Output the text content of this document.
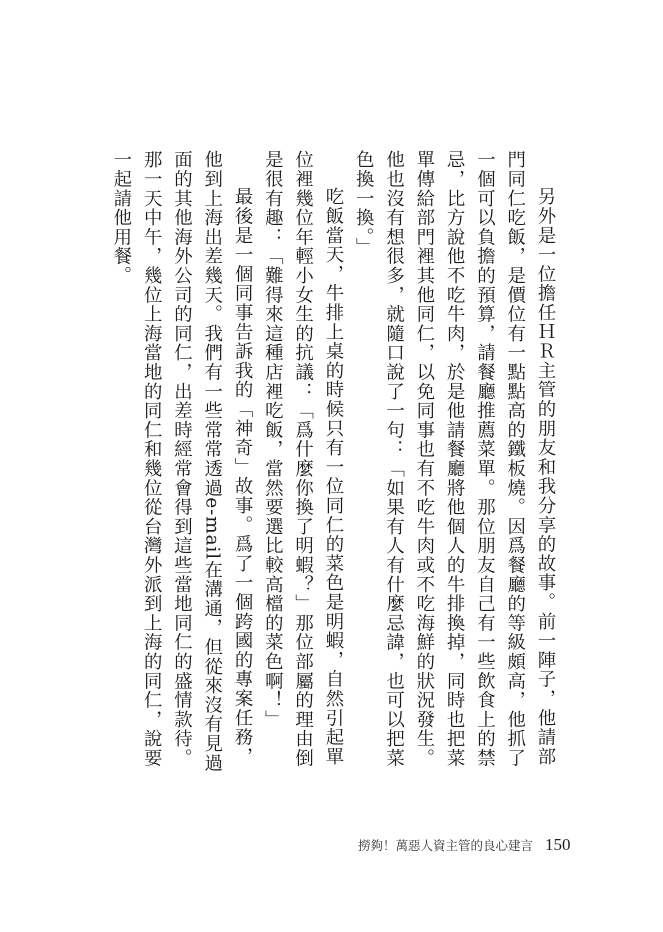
另外是一位擔任ＨＲ主管的朋友和我分享的故事。前一陣子，他請部門同仁吃飯，是價位有一點點高的鐵板燒。因爲餐廳的等級頗高，他抓了一個可以負擔的預算，請餐廳推薦菜單。那位朋友自己有一些飲食上的禁忌，比方說他不吃牛肉，於是他請餐廳將他個人的牛排換掉，同時也把菜單傳給部門裡其他同仁，以免同事也有不吃牛肉或不吃海鮮的狀況發生。他也沒有想很多，就隨口說了一句：「如果有人有什麼忌諱，也可以把菜色換一換。」

吃飯當天，牛排上桌的時候只有一位同仁的菜色是明蝦，自然引起單位裡幾位年輕小女生的抗議：「爲什麼你換了明蝦？」那位部屬的理由倒是很有趣：「難得來這種店裡吃飯，當然要選比較高檔的菜色啊！」

最後是一個同事告訴我的「神奇」故事。爲了一個跨國的專案任務，他到上海出差幾天。我們有一些常常透過e-mail在溝通，但從來沒有見過面的其他海外公司的同仁，出差時經常會得到這些當地同仁的盛情款待。那一天中午，幾位上海當地的同仁和幾位從台灣外派到上海的同仁，說要一起請他用餐。

撈夠！萬惡人資主管的良心建言 150
